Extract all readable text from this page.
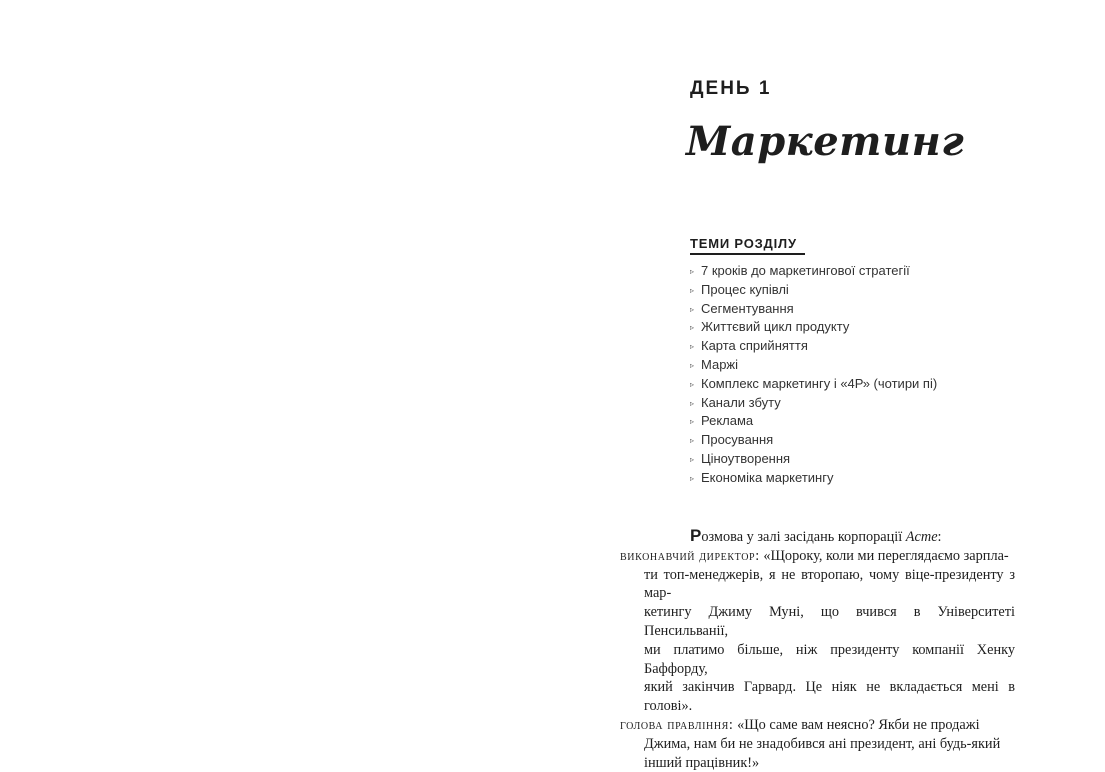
ДЕНЬ 1
Маркетинг
ТЕМИ РОЗДІЛУ
▹ 7 кроків до маркетингової стратегії
▹ Процес купівлі
▹ Сегментування
▹ Життєвий цикл продукту
▹ Карта сприйняття
▹ Маржі
▹ Комплекс маркетингу і «4Р» (чотири пі)
▹ Канали збуту
▹ Реклама
▹ Просування
▹ Ціноутворення
▹ Економіка маркетингу
Розмова у залі засідань корпорації Acme:
виконавчий директор: «Щороку, коли ми переглядаємо зарпла-
ти топ-менеджерів, я не второпаю, чому віце-президенту з мар-
кетингу Джиму Муні, що вчився в Університеті Пенсильванії,
ми платимо більше, ніж президенту компанії Хенку Баффорду,
який закінчив Гарвард. Це ніяк не вкладається мені в голові».
голова правління: «Що саме вам неясно? Якби не продажі
Джима, нам би не знадобився ані президент, ані будь-який
інший працівник!»
